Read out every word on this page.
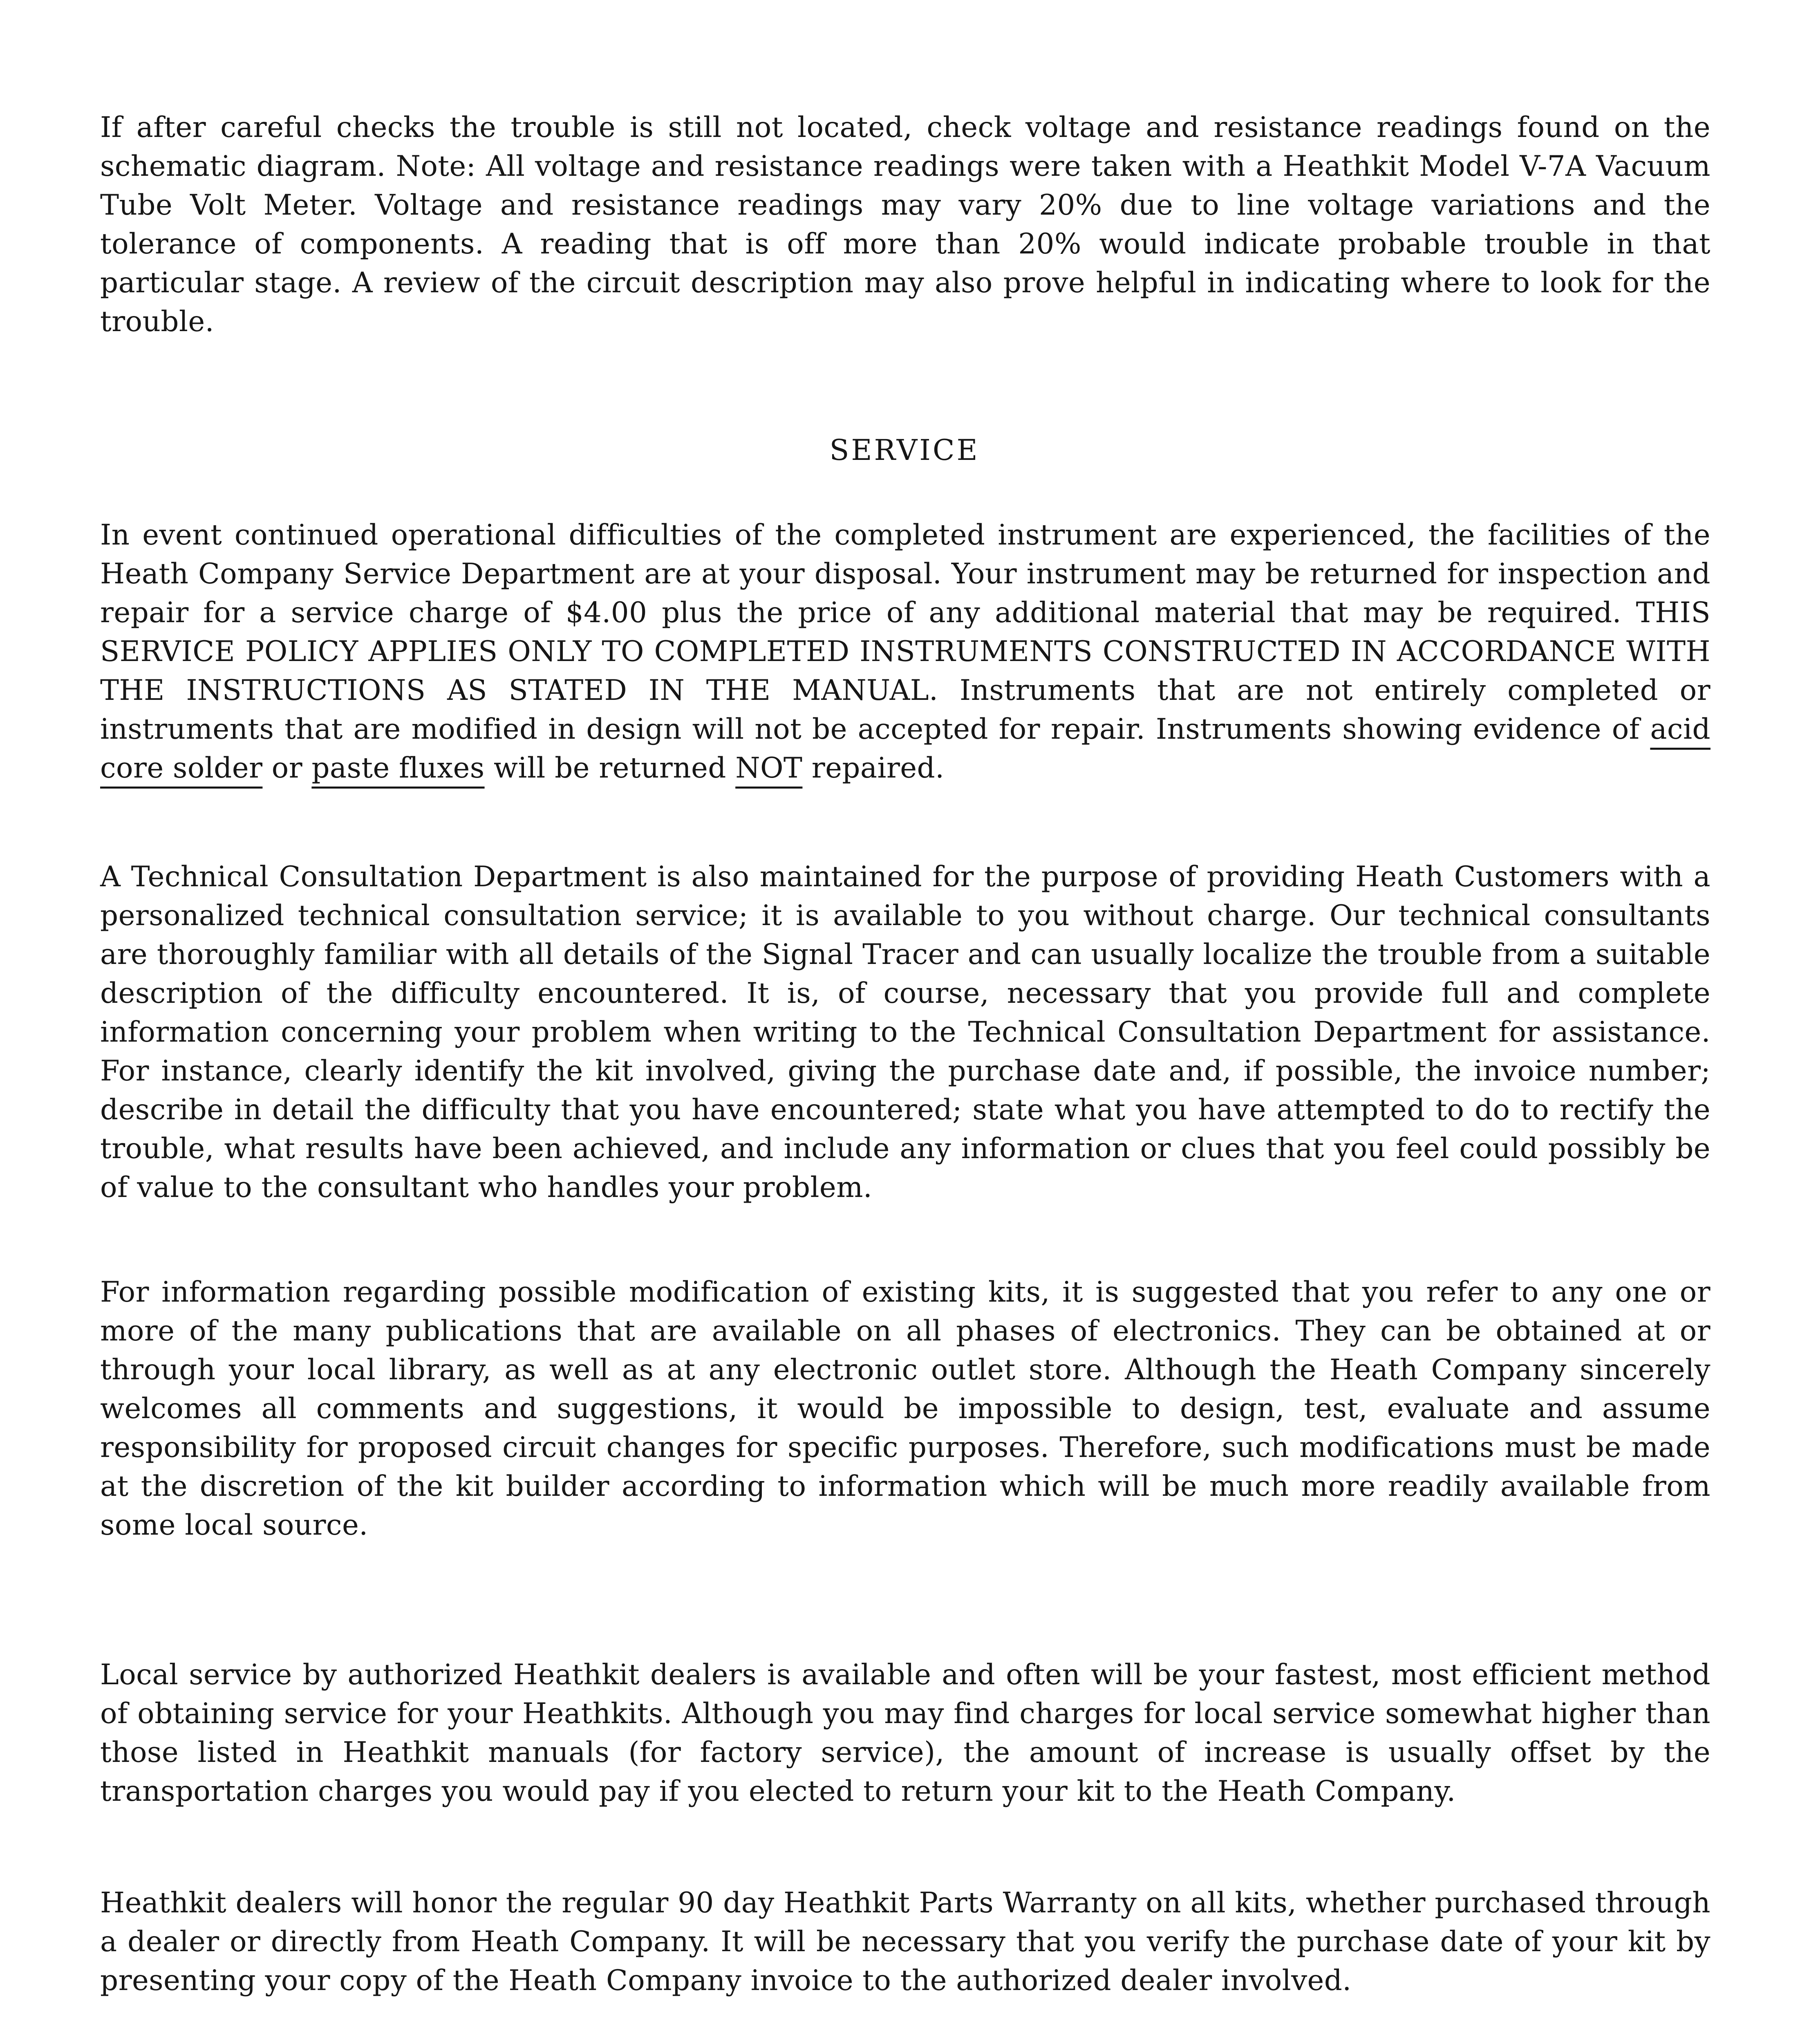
If after careful checks the trouble is still not located, check voltage and resistance readings found on the schematic diagram. Note: All voltage and resistance readings were taken with a Heathkit Model V-7A Vacuum Tube Volt Meter. Voltage and resistance readings may vary 20% due to line voltage variations and the tolerance of components. A reading that is off more than 20% would indicate probable trouble in that particular stage. A review of the circuit description may also prove helpful in indicating where to look for the trouble.

SERVICE

In event continued operational difficulties of the completed instrument are experienced, the facilities of the Heath Company Service Department are at your disposal. Your instrument may be returned for inspection and repair for a service charge of $4.00 plus the price of any additional material that may be required. THIS SERVICE POLICY APPLIES ONLY TO COMPLETED INSTRUMENTS CONSTRUCTED IN ACCORDANCE WITH THE INSTRUCTIONS AS STATED IN THE MANUAL. Instruments that are not entirely completed or instruments that are modified in design will not be accepted for repair. Instruments showing evidence of acid core solder or paste fluxes will be returned NOT repaired.

A Technical Consultation Department is also maintained for the purpose of providing Heath Customers with a personalized technical consultation service; it is available to you without charge. Our technical consultants are thoroughly familiar with all details of the Signal Tracer and can usually localize the trouble from a suitable description of the difficulty encountered. It is, of course, necessary that you provide full and complete information concerning your problem when writing to the Technical Consultation Department for assistance. For instance, clearly identify the kit involved, giving the purchase date and, if possible, the invoice number; describe in detail the difficulty that you have encountered; state what you have attempted to do to rectify the trouble, what results have been achieved, and include any information or clues that you feel could possibly be of value to the consultant who handles your problem.

For information regarding possible modification of existing kits, it is suggested that you refer to any one or more of the many publications that are available on all phases of electronics. They can be obtained at or through your local library, as well as at any electronic outlet store. Although the Heath Company sincerely welcomes all comments and suggestions, it would be impossible to design, test, evaluate and assume responsibility for proposed circuit changes for specific purposes. Therefore, such modifications must be made at the discretion of the kit builder according to information which will be much more readily available from some local source.

Local service by authorized Heathkit dealers is available and often will be your fastest, most efficient method of obtaining service for your Heathkits. Although you may find charges for local service somewhat higher than those listed in Heathkit manuals (for factory service), the amount of increase is usually offset by the transportation charges you would pay if you elected to return your kit to the Heath Company.

Heathkit dealers will honor the regular 90 day Heathkit Parts Warranty on all kits, whether purchased through a dealer or directly from Heath Company. It will be necessary that you verify the purchase date of your kit by presenting your copy of the Heath Company invoice to the authorized dealer involved.
